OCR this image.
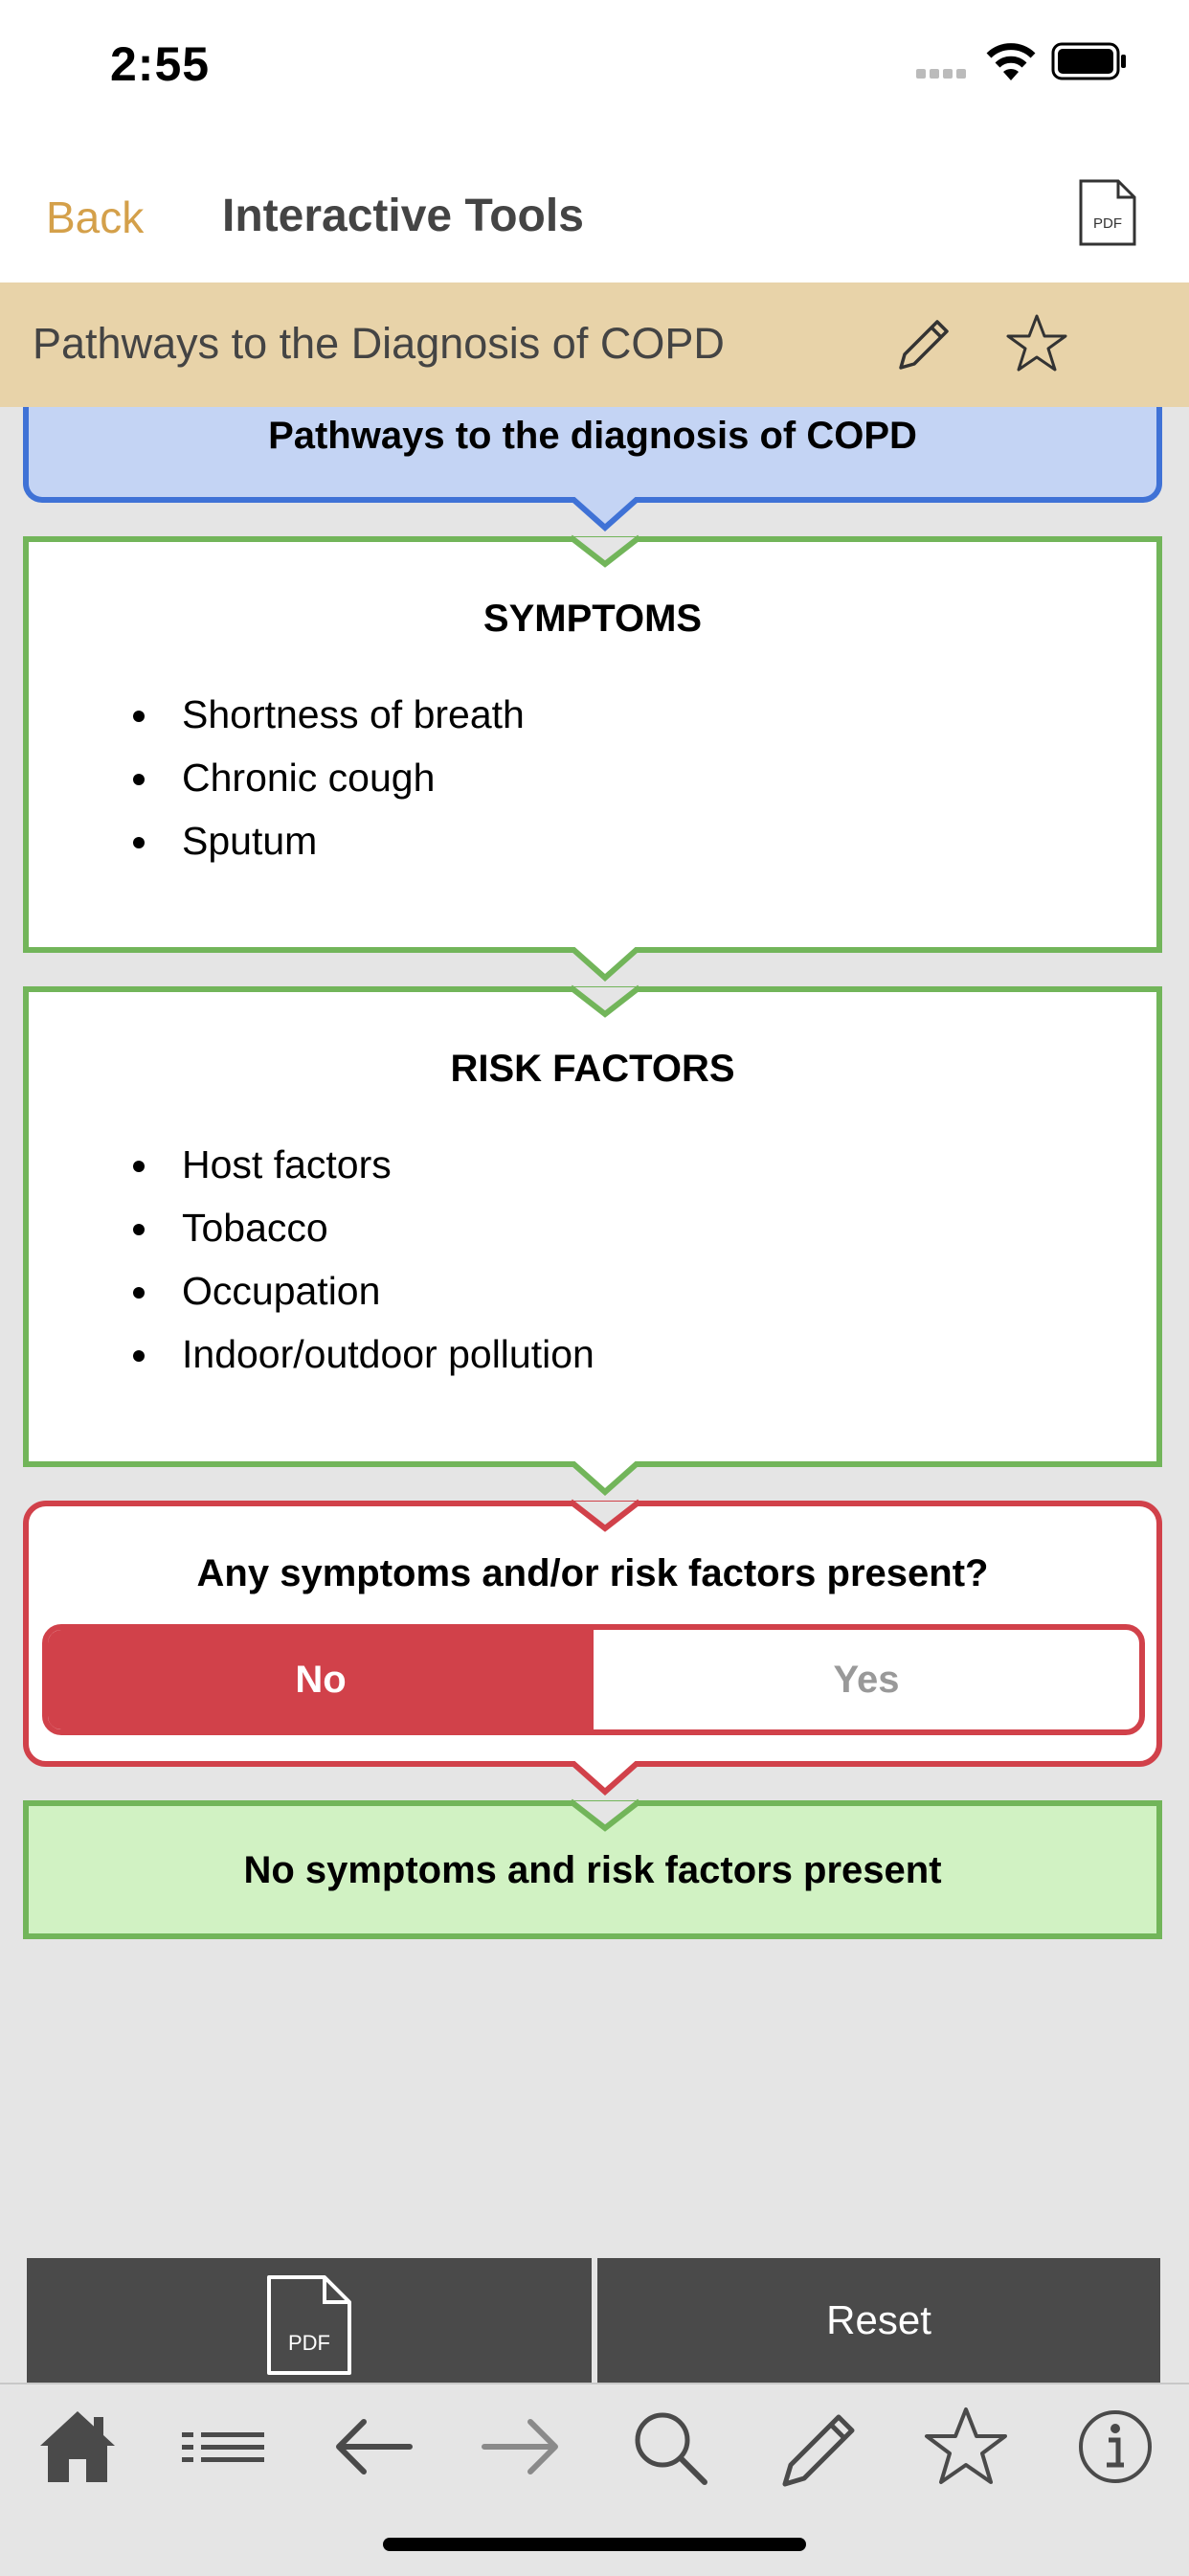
2:55
Back Interactive Tools	PDF
Pathways to the Diagnosis of COPD
Pathways to the diagnosis of COPD
SYMPTOMS
• Shortness of breath
• Chronic cough
• Sputum
RISK FACTORS
• Host factors
• Tobacco
• Occupation
• Indoor/outdoor pollution
Any symptoms and/or risk factors present?
No	Yes
No symptoms and risk factors present
PDF
Reset
